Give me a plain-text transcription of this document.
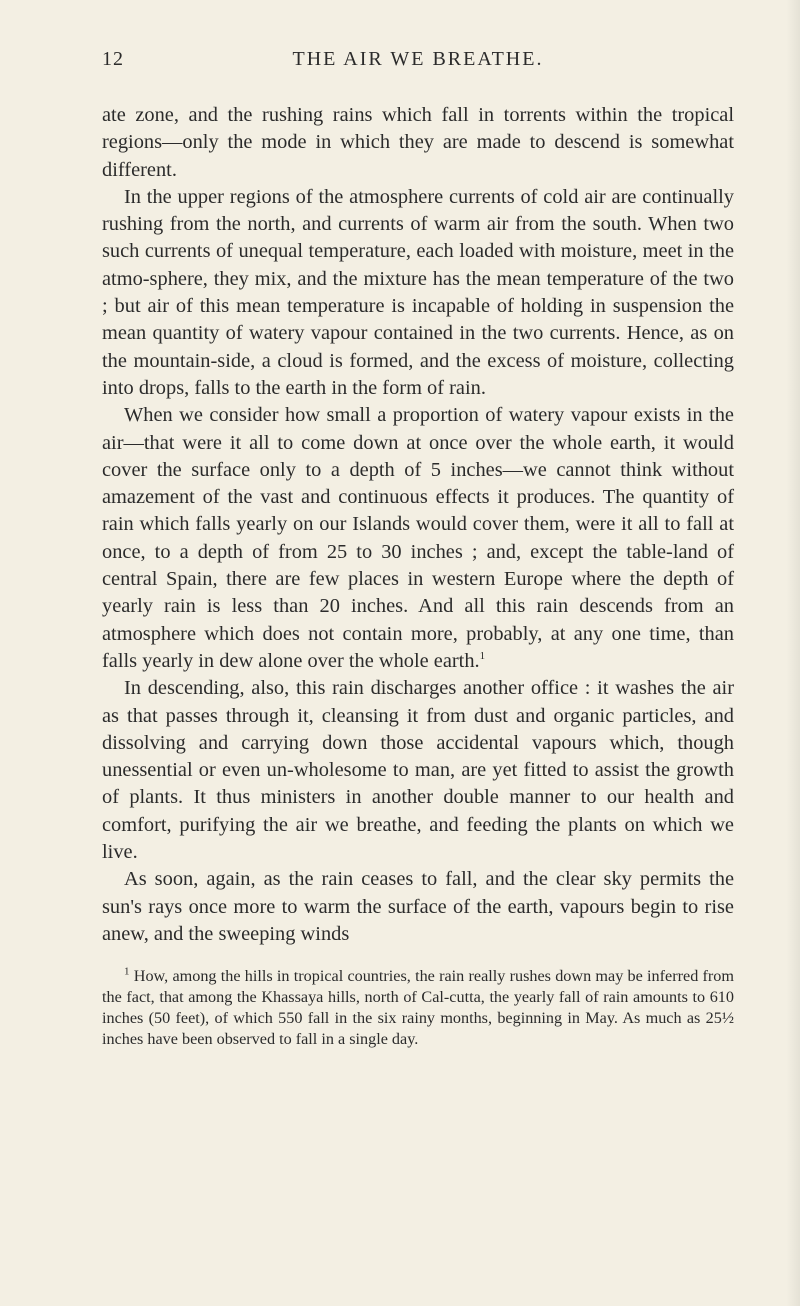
12	THE AIR WE BREATHE.

ate zone, and the rushing rains which fall in torrents within the tropical regions—only the mode in which they are made to descend is somewhat different.

In the upper regions of the atmosphere currents of cold air are continually rushing from the north, and currents of warm air from the south. When two such currents of unequal temperature, each loaded with moisture, meet in the atmo-sphere, they mix, and the mixture has the mean temperature of the two ; but air of this mean temperature is incapable of holding in suspension the mean quantity of watery vapour contained in the two currents. Hence, as on the mountain-side, a cloud is formed, and the excess of moisture, collecting into drops, falls to the earth in the form of rain.

When we consider how small a proportion of watery vapour exists in the air—that were it all to come down at once over the whole earth, it would cover the surface only to a depth of 5 inches—we cannot think without amazement of the vast and continuous effects it produces. The quantity of rain which falls yearly on our Islands would cover them, were it all to fall at once, to a depth of from 25 to 30 inches ; and, except the table-land of central Spain, there are few places in western Europe where the depth of yearly rain is less than 20 inches. And all this rain descends from an atmosphere which does not contain more, probably, at any one time, than falls yearly in dew alone over the whole earth.$^1$

In descending, also, this rain discharges another office : it washes the air as that passes through it, cleansing it from dust and organic particles, and dissolving and carrying down those accidental vapours which, though unessential or even un-wholesome to man, are yet fitted to assist the growth of plants. It thus ministers in another double manner to our health and comfort, purifying the air we breathe, and feeding the plants on which we live.

As soon, again, as the rain ceases to fall, and the clear sky permits the sun's rays once more to warm the surface of the earth, vapours begin to rise anew, and the sweeping winds

$^1$ How, among the hills in tropical countries, the rain really rushes down may be inferred from the fact, that among the Khassaya hills, north of Cal-cutta, the yearly fall of rain amounts to 610 inches (50 feet), of which 550 fall in the six rainy months, beginning in May. As much as 25½ inches have been observed to fall in a single day.
